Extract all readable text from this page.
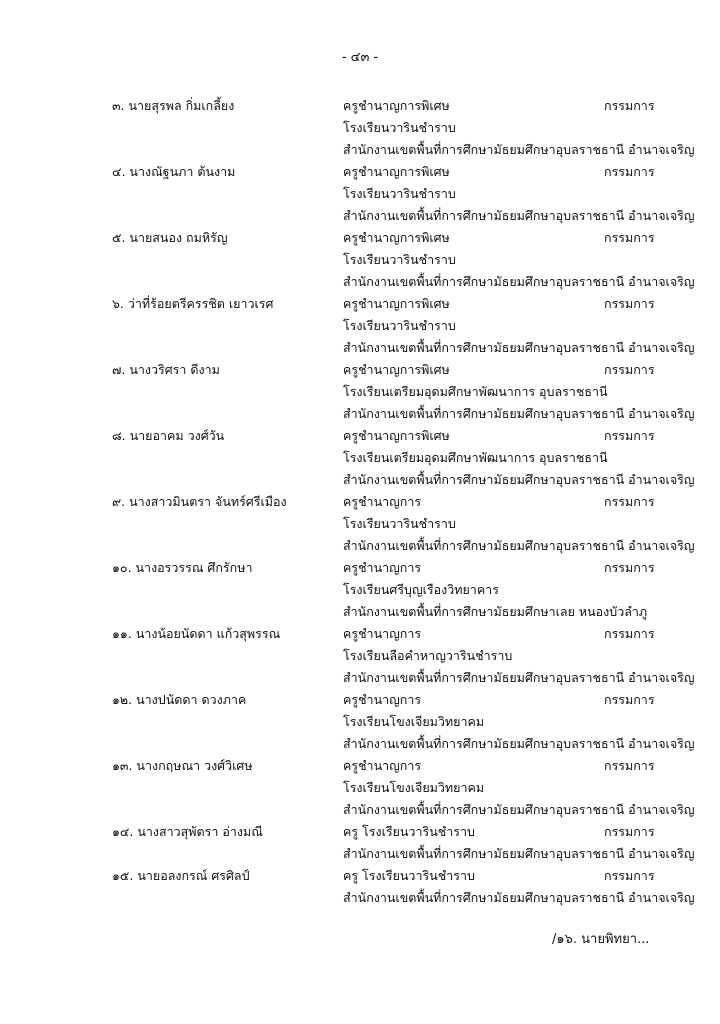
- ๔๓ -
๓. นายสุรพล กิ่มเกลี้ยง	ครูชำนาญการพิเศษ
โรงเรียนวารินชำราบ
สำนักงานเขตพื้นที่การศึกษามัธยมศึกษาอุบลราชธานี อำนาจเจริญ
กรรมการ
๔. นางณัฐนภา ต้นงาม	ครูชำนาญการพิเศษ
โรงเรียนวารินชำราบ
สำนักงานเขตพื้นที่การศึกษามัธยมศึกษาอุบลราชธานี อำนาจเจริญ
กรรมการ
๕. นายสนอง ถมหิรัญ	ครูชำนาญการพิเศษ
โรงเรียนวารินชำราบ
สำนักงานเขตพื้นที่การศึกษามัธยมศึกษาอุบลราชธานี อำนาจเจริญ
กรรมการ
๖. ว่าที่ร้อยตรีครรชิต เยาวเรศ	ครูชำนาญการพิเศษ
โรงเรียนวารินชำราบ
สำนักงานเขตพื้นที่การศึกษามัธยมศึกษาอุบลราชธานี อำนาจเจริญ
กรรมการ
๗. นางวริศรา ดีงาม	ครูชำนาญการพิเศษ
โรงเรียนเตรียมอุดมศึกษาพัฒนาการ อุบลราชธานี
สำนักงานเขตพื้นที่การศึกษามัธยมศึกษาอุบลราชธานี อำนาจเจริญ
กรรมการ
๘. นายอาคม วงศ์วัน	ครูชำนาญการพิเศษ
โรงเรียนเตรียมอุดมศึกษาพัฒนาการ อุบลราชธานี
สำนักงานเขตพื้นที่การศึกษามัธยมศึกษาอุบลราชธานี อำนาจเจริญ
กรรมการ
๙. นางสาวมินตรา จันทร์ศรีเมือง	ครูชำนาญการ
โรงเรียนวารินชำราบ
สำนักงานเขตพื้นที่การศึกษามัธยมศึกษาอุบลราชธานี อำนาจเจริญ
กรรมการ
๑๐. นางอรวรรณ ศึกรักษา	ครูชำนาญการ
โรงเรียนศรีบุญเรืองวิทยาคาร
สำนักงานเขตพื้นที่การศึกษามัธยมศึกษาเลย หนองบัวลำภู
กรรมการ
๑๑. นางน้อยนัดดา แก้วสุพรรณ	ครูชำนาญการ
โรงเรียนลือคำหาญวารินชำราบ
สำนักงานเขตพื้นที่การศึกษามัธยมศึกษาอุบลราชธานี อำนาจเจริญ
กรรมการ
๑๒. นางปนัดดา ดวงภาค	ครูชำนาญการ
โรงเรียนโขงเจียมวิทยาคม
สำนักงานเขตพื้นที่การศึกษามัธยมศึกษาอุบลราชธานี อำนาจเจริญ
กรรมการ
๑๓. นางกฤษณา วงศ์วิเศษ	ครูชำนาญการ
โรงเรียนโขงเจียมวิทยาคม
สำนักงานเขตพื้นที่การศึกษามัธยมศึกษาอุบลราชธานี อำนาจเจริญ
กรรมการ
๑๔. นางสาวสุพัตรา อ่างมณี	ครู โรงเรียนวารินชำราบ
สำนักงานเขตพื้นที่การศึกษามัธยมศึกษาอุบลราชธานี อำนาจเจริญ
กรรมการ
๑๕. นายอลงกรณ์ ศรศิลป์	ครู โรงเรียนวารินชำราบ
สำนักงานเขตพื้นที่การศึกษามัธยมศึกษาอุบลราชธานี อำนาจเจริญ
กรรมการ
/๑๖. นายพิทยา...
